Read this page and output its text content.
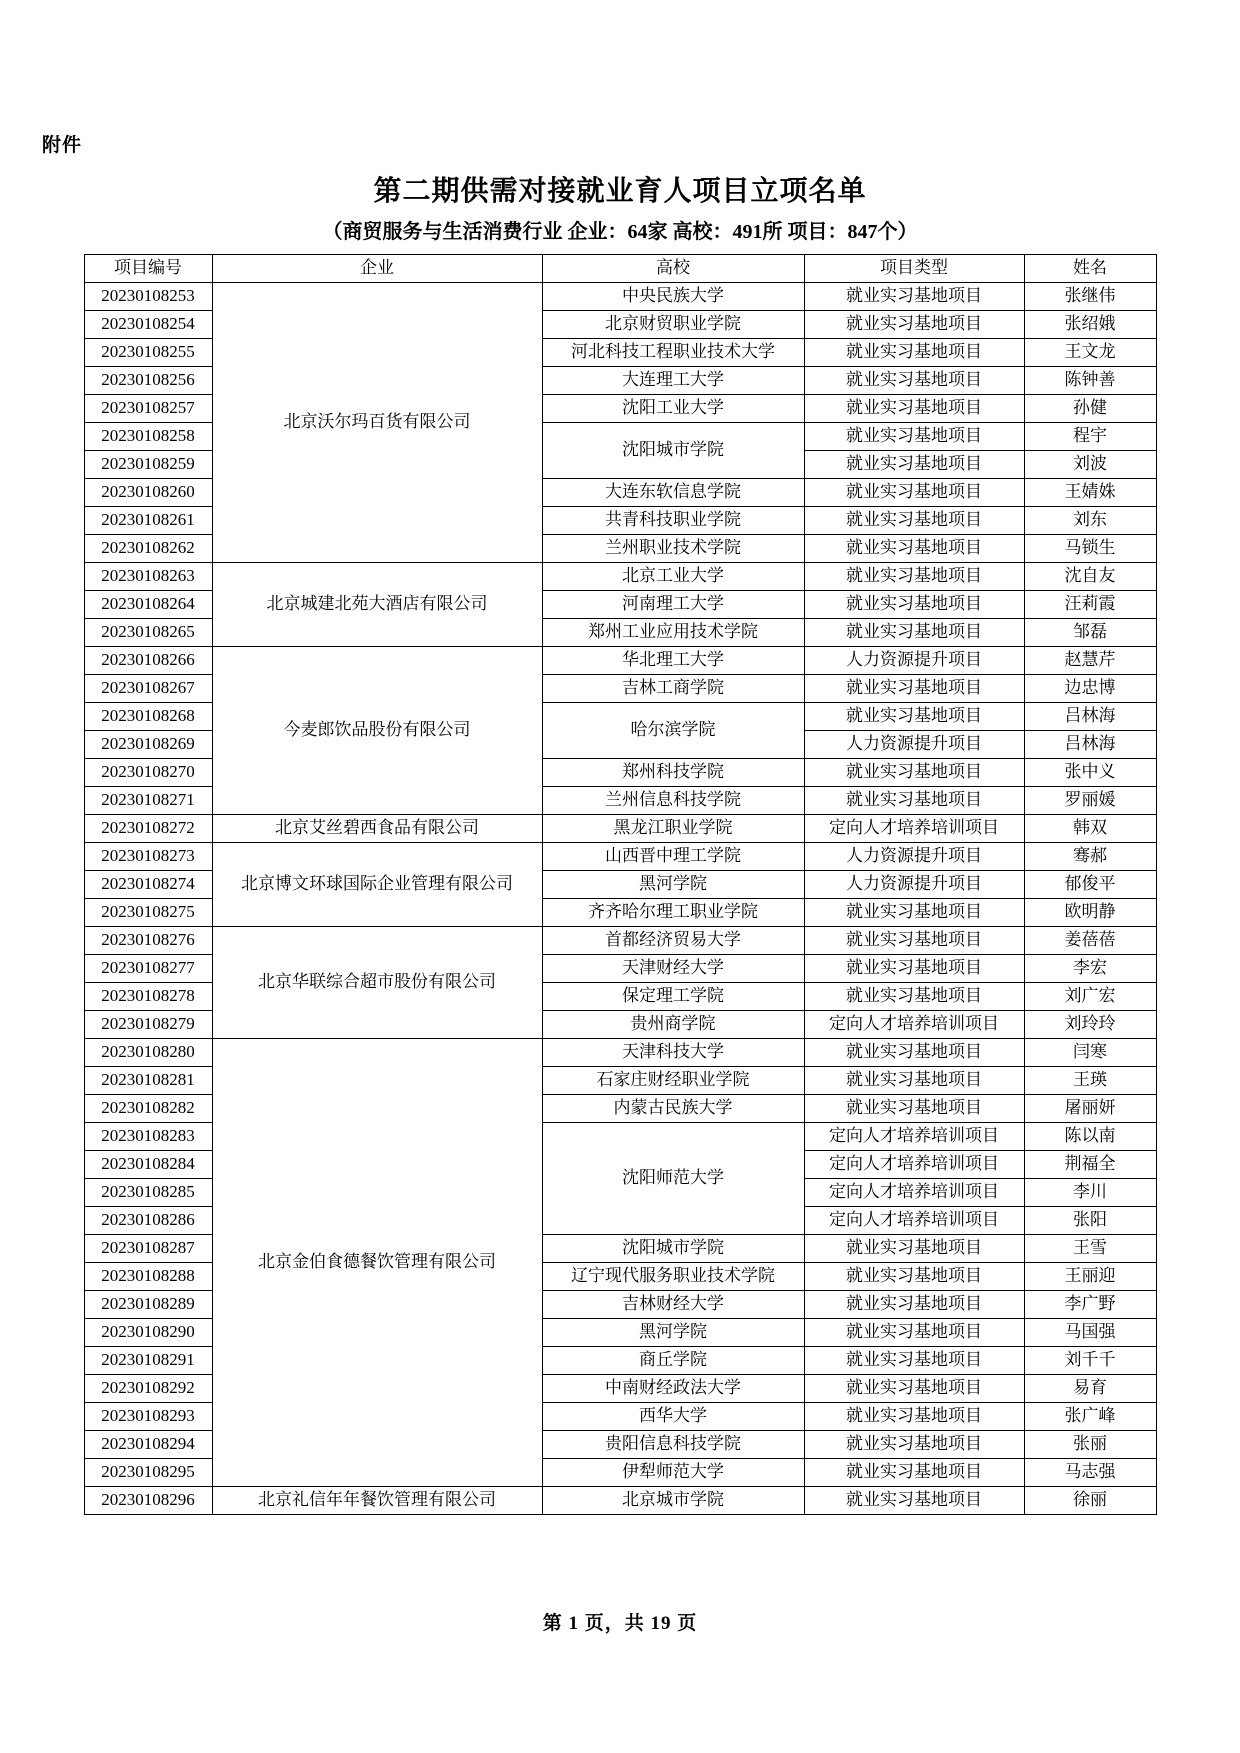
附件
第二期供需对接就业育人项目立项名单
（商贸服务与生活消费行业 企业：64家 高校：491所 项目：847个）
项目编号	企业	高校	项目类型	姓名
20230108253	北京沃尔玛百货有限公司	中央民族大学	就业实习基地项目	张继伟
20230108254		北京财贸职业学院	就业实习基地项目	张绍娥
20230108255		河北科技工程职业技术大学	就业实习基地项目	王文龙
20230108256		大连理工大学	就业实习基地项目	陈钟善
20230108257		沈阳工业大学	就业实习基地项目	孙健
20230108258		沈阳城市学院	就业实习基地项目	程宇
20230108259			就业实习基地项目	刘波
20230108260		大连东软信息学院	就业实习基地项目	王婧姝
20230108261		共青科技职业学院	就业实习基地项目	刘东
20230108262		兰州职业技术学院	就业实习基地项目	马锁生
20230108263	北京城建北苑大酒店有限公司	北京工业大学	就业实习基地项目	沈自友
20230108264		河南理工大学	就业实习基地项目	汪莉霞
20230108265		郑州工业应用技术学院	就业实习基地项目	邹磊
20230108266	今麦郎饮品股份有限公司	华北理工大学	人力资源提升项目	赵慧芹
20230108267		吉林工商学院	就业实习基地项目	边忠博
20230108268		哈尔滨学院	就业实习基地项目	吕林海
20230108269			人力资源提升项目	吕林海
20230108270		郑州科技学院	就业实习基地项目	张中义
20230108271		兰州信息科技学院	就业实习基地项目	罗丽媛
20230108272	北京艾丝碧西食品有限公司	黑龙江职业学院	定向人才培养培训项目	韩双
20230108273	北京博文环球国际企业管理有限公司	山西晋中理工学院	人力资源提升项目	骞郝
20230108274		黑河学院	人力资源提升项目	郁俊平
20230108275		齐齐哈尔理工职业学院	就业实习基地项目	欧明静
20230108276	北京华联综合超市股份有限公司	首都经济贸易大学	就业实习基地项目	姜蓓蓓
20230108277		天津财经大学	就业实习基地项目	李宏
20230108278		保定理工学院	就业实习基地项目	刘广宏
20230108279		贵州商学院	定向人才培养培训项目	刘玲玲
20230108280	北京金伯食德餐饮管理有限公司	天津科技大学	就业实习基地项目	闫寒
20230108281		石家庄财经职业学院	就业实习基地项目	王瑛
20230108282		内蒙古民族大学	就业实习基地项目	屠丽妍
20230108283		沈阳师范大学	定向人才培养培训项目	陈以南
20230108284			定向人才培养培训项目	荆福全
20230108285			定向人才培养培训项目	李川
20230108286			定向人才培养培训项目	张阳
20230108287		沈阳城市学院	就业实习基地项目	王雪
20230108288		辽宁现代服务职业技术学院	就业实习基地项目	王丽迎
20230108289		吉林财经大学	就业实习基地项目	李广野
20230108290		黑河学院	就业实习基地项目	马国强
20230108291		商丘学院	就业实习基地项目	刘千千
20230108292		中南财经政法大学	就业实习基地项目	易育
20230108293		西华大学	就业实习基地项目	张广峰
20230108294		贵阳信息科技学院	就业实习基地项目	张丽
20230108295		伊犁师范大学	就业实习基地项目	马志强
20230108296	北京礼信年年餐饮管理有限公司	北京城市学院	就业实习基地项目	徐丽
第 1 页，共 19 页
